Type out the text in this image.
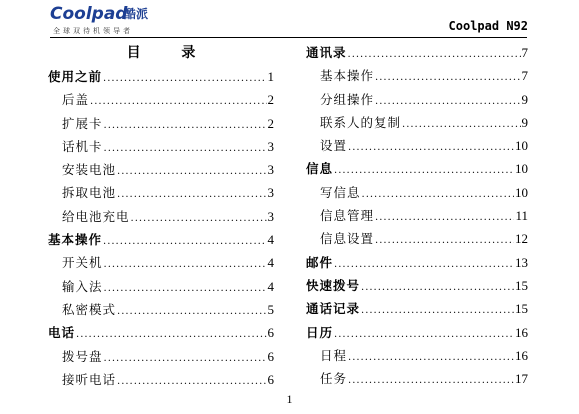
Coolpad
酷派
全球双待机领导者	Coolpad N92
目 录
使用之前 .....	1
后盖 .....	2
扩展卡 .....	2
话机卡 .....	3
安装电池 .....	3
拆取电池 .....	3
给电池充电 .....	3
基本操作 .....	4
开关机 .....	4
输入法 .....	4
私密模式 .....	5
电话 .....	6
拨号盘 .....	6
接听电话 .....	6
通讯录 .....	7
基本操作 .....	7
分组操作 .....	9
联系人的复制 .....	9
设置 .....	10
信息 .....	10
写信息 .....	10
信息管理 .....	11
信息设置 .....	12
邮件 .....	13
快速拨号 .....	15
通话记录 .....	15
日历 .....	16
日程 .....	16
任务 .....	17
1
